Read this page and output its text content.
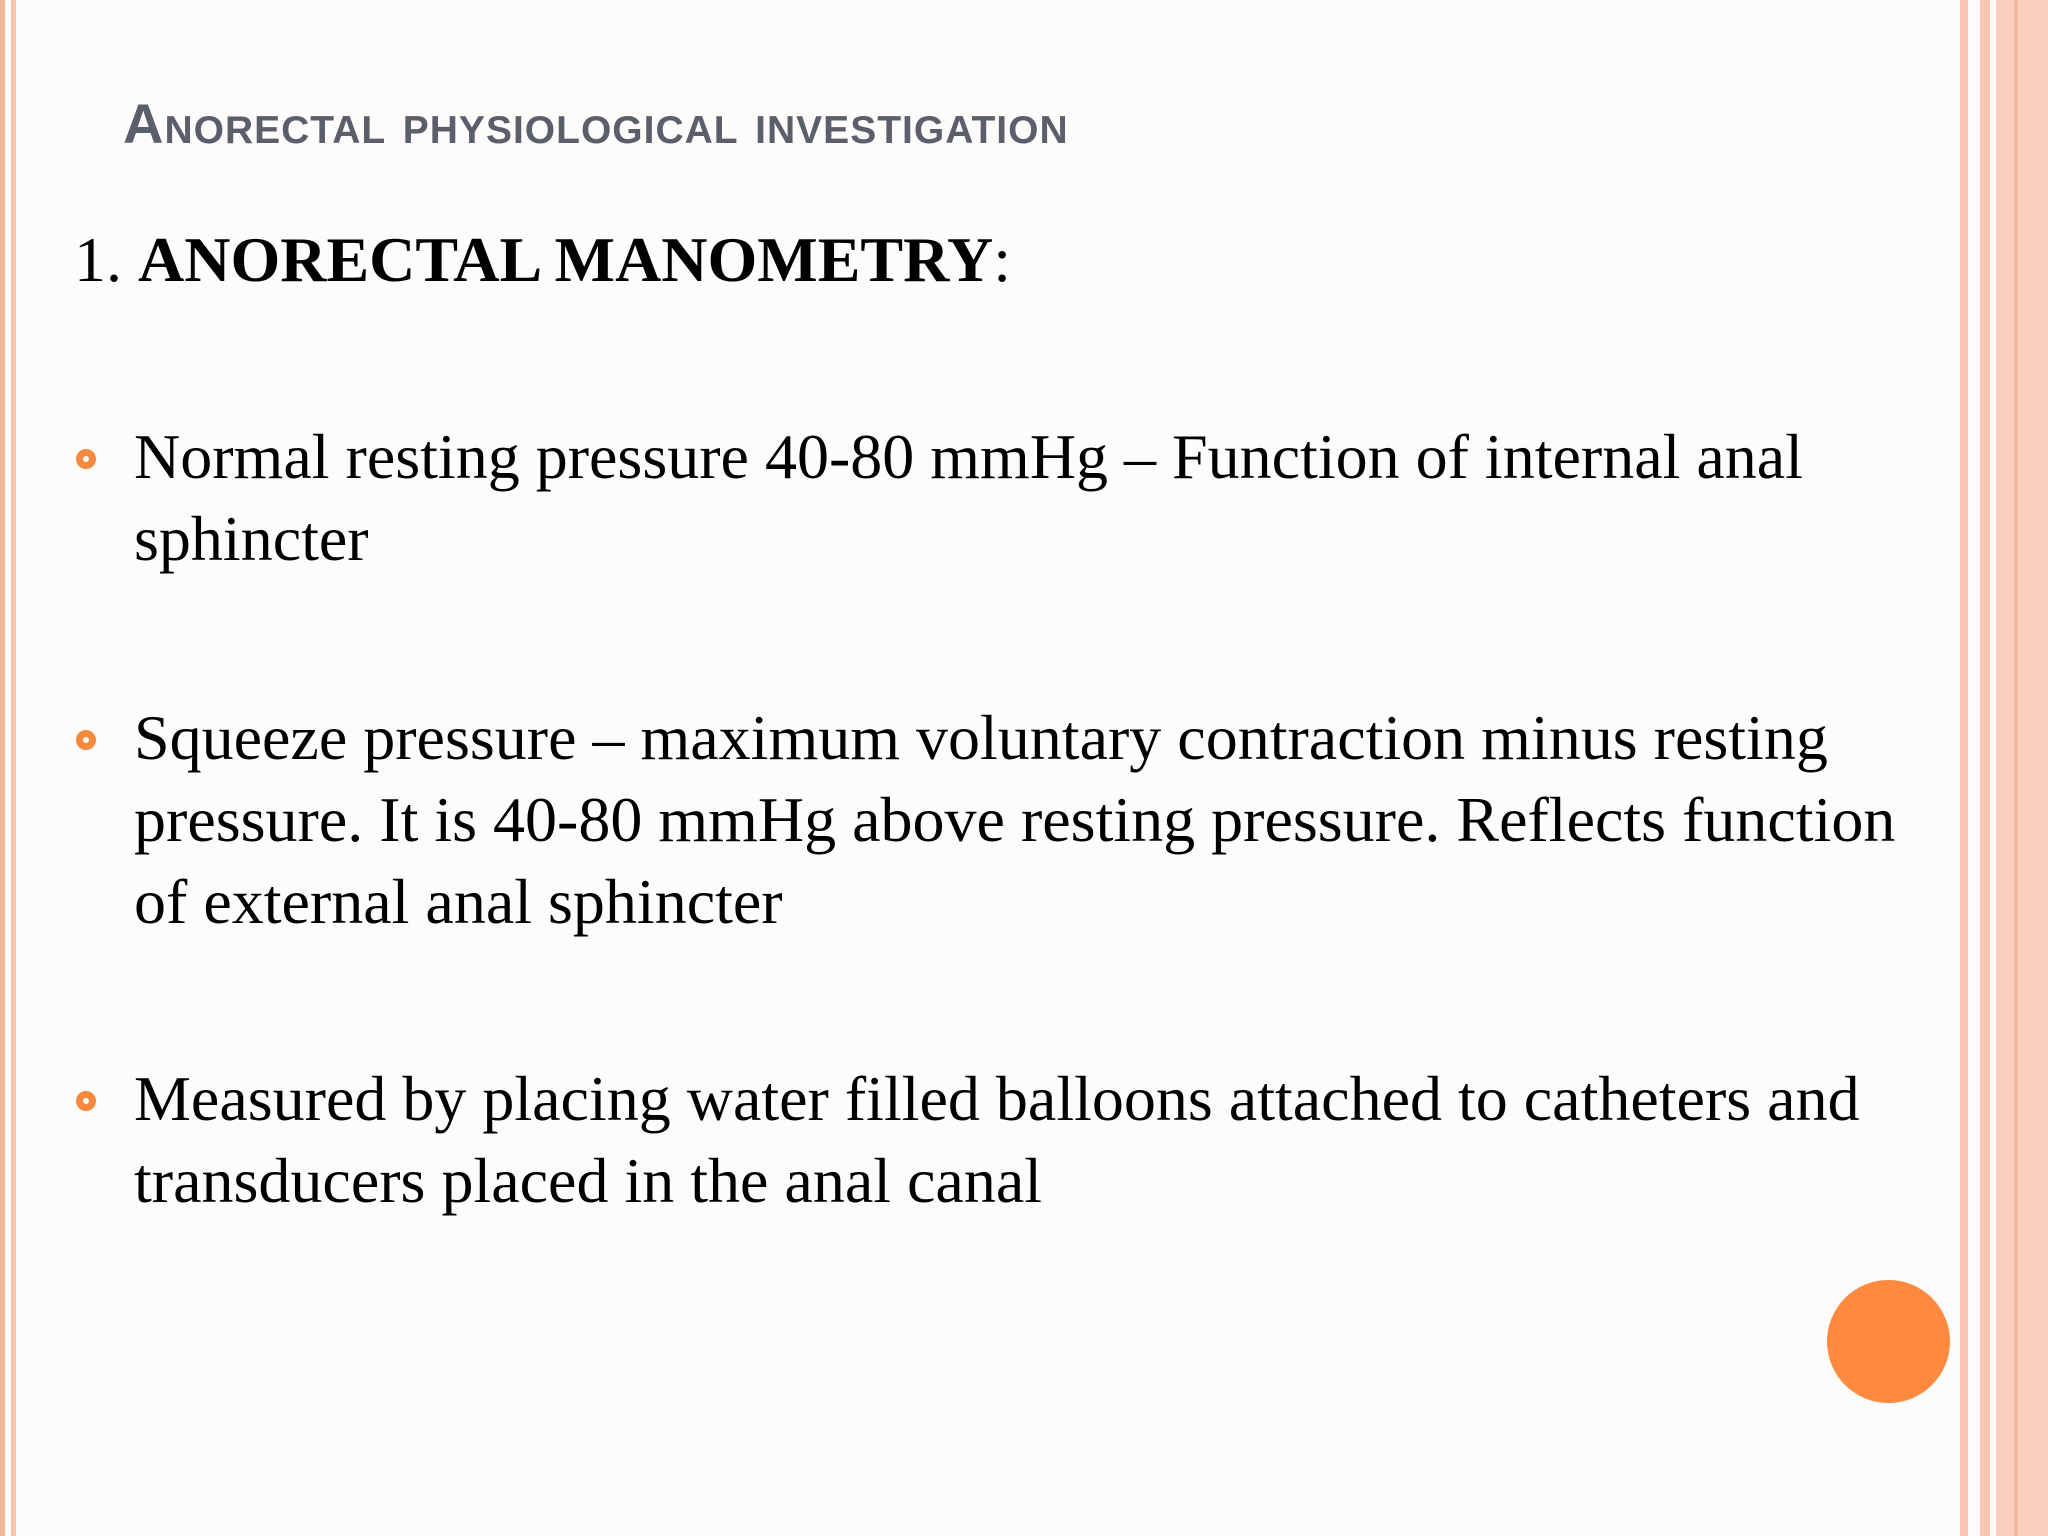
Anorectal physiological investigation
1. ANORECTAL MANOMETRY:
Normal resting pressure 40-80 mmHg – Function of internal anal sphincter
Squeeze pressure – maximum voluntary contraction minus resting pressure. It is 40-80 mmHg above resting pressure. Reflects function of external anal sphincter
Measured by placing water filled balloons attached to catheters and transducers placed in the anal canal
